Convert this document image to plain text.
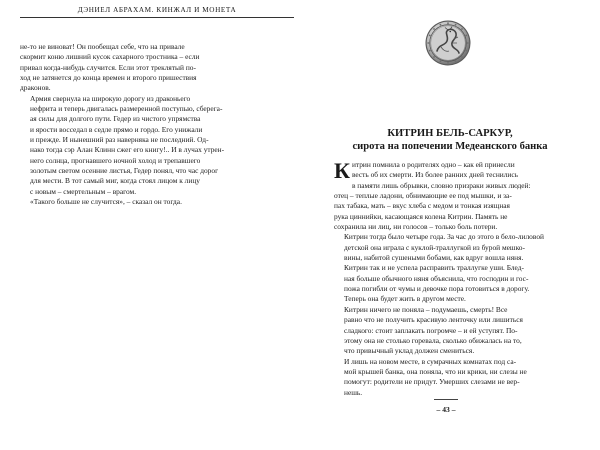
ДЭНИЕЛ АБРАХАМ. КИНЖАЛ И МОНЕТА

не-то не виноват! Он пообещал себе, что на привале
скормит коню лишний кусок сахарного тростника – если
привал когда-нибудь случится. Если этот треклятый по-
ход не затянется до конца времен и второго пришествия
драконов.

Армия свернула на широкую дорогу из драконьего
нефрита и теперь двигалась размеренной поступью, сберега-
ая силы для долгого пути. Гедер из чистого упрямства
и ярости восседал в седле прямо и гордо. Его унижали
и прежде. И нынешний раз наверняка не последний. Од-
нако тогда сэр Алан Клинн сжег его книгу!.. И в лучах утрен-
него солнца, прогнавшего ночной холод и трепавшего
золотым светом осенние листья, Гедер понял, что час дорог
для мести. В тот самый миг, когда стоял лицом к лицу
с новым – смертельным – врагом.

«Такого больше не случится», – сказал он тогда.

КИТРИН БЕЛЬ-САРКУР,
сирота на попечении Медеанского банка

К итрин помнила о родителях одно – как ей принесли
весть об их смерти. Из более ранних дней теснились
в памяти лишь обрывки, словно призраки живых людей:
отец – теплые ладони, обнимающие ее под мышки, и за-
пах табака, мать – вкус хлеба с медом и тонкая изящная
рука циннийки, касающаяся колена Китрин. Память не
сохранила ни лиц, ни голосов – только боль потери.

Китрин тогда было четыре года. За час до этого в бело-лиловой
детской она играла с куклой-траллугкой из бурой мешко-
вины, набитой сушеными бобами, как вдруг вошла няня.
Китрин так и не успела расправить траллугке уши. Блед-
ная больше обычного няня объяснила, что господин и гос-
пожа погибли от чумы и девочке пора готовиться в дорогу.
Теперь она будет жить в другом месте.

Китрин ничего не поняла – подумаешь, смерть! Все
равно что не получить красивую ленточку или лишиться
сладкого: стоит заплакать погромче – и ей уступят. По-
этому она не столько горевала, сколько обижалась на то,
что привычный уклад должен смениться.

И лишь на новом месте, в сумрачных комнатах под са-
мой крышей банка, она поняла, что ни крики, ни слезы не
помогут: родители не придут. Умерших слезами не вер-
нешь.

– 43 –
